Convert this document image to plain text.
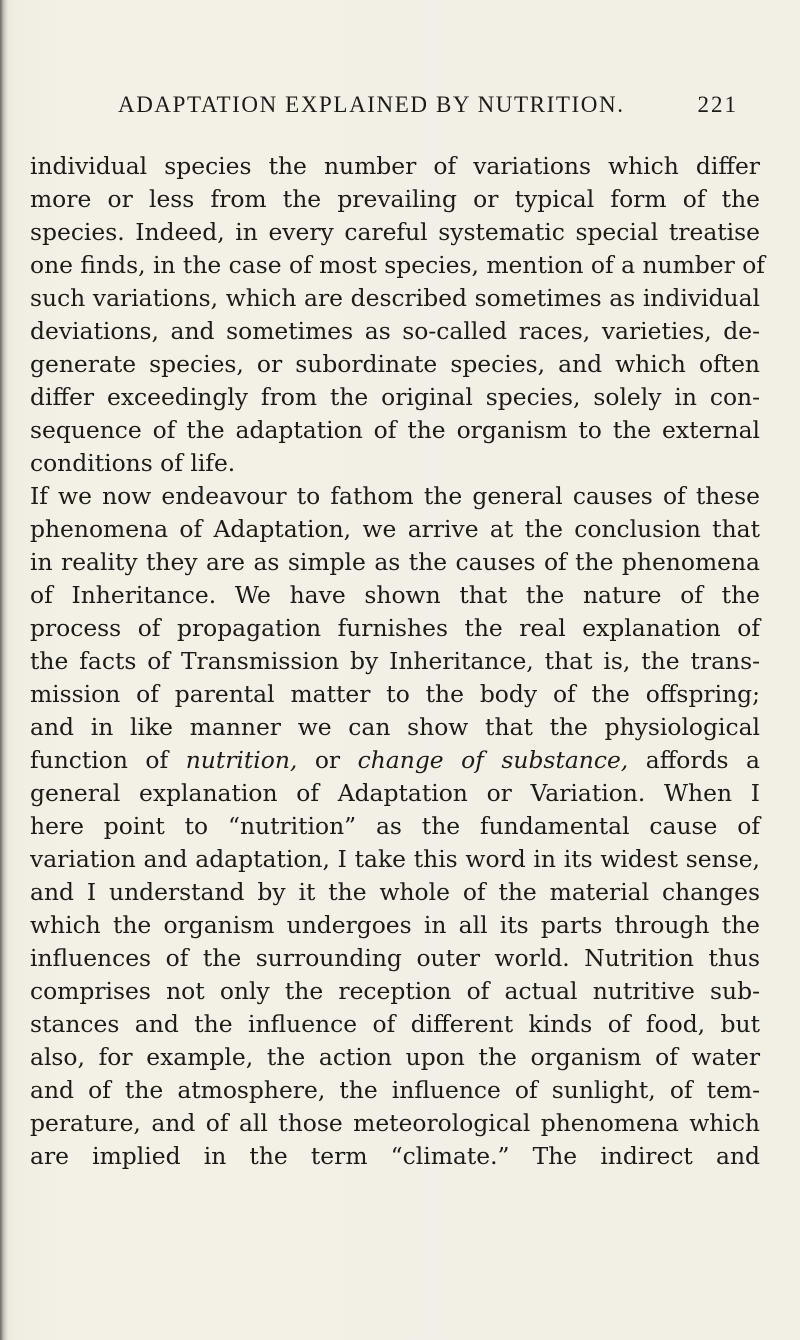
ADAPTATION EXPLAINED BY NUTRITION.	221
individual species the number of variations which differ
more or less from the prevailing or typical form of the
species. Indeed, in every careful systematic special treatise
one finds, in the case of most species, mention of a number of
such variations, which are described sometimes as individual
deviations, and sometimes as so-called races, varieties, de-
generate species, or subordinate species, and which often
differ exceedingly from the original species, solely in con-
sequence of the adaptation of the organism to the external
conditions of life.
If we now endeavour to fathom the general causes of these
phenomena of Adaptation, we arrive at the conclusion that
in reality they are as simple as the causes of the phenomena
of Inheritance. We have shown that the nature of the
process of propagation furnishes the real explanation of
the facts of Transmission by Inheritance, that is, the trans-
mission of parental matter to the body of the offspring;
and in like manner we can show that the physiological
function of nutrition, or change of substance, affords a
general explanation of Adaptation or Variation. When I
here point to “nutrition” as the fundamental cause of
variation and adaptation, I take this word in its widest sense,
and I understand by it the whole of the material changes
which the organism undergoes in all its parts through the
influences of the surrounding outer world. Nutrition thus
comprises not only the reception of actual nutritive sub-
stances and the influence of different kinds of food, but
also, for example, the action upon the organism of water
and of the atmosphere, the influence of sunlight, of tem-
perature, and of all those meteorological phenomena which
are implied in the term “climate.” The indirect and
